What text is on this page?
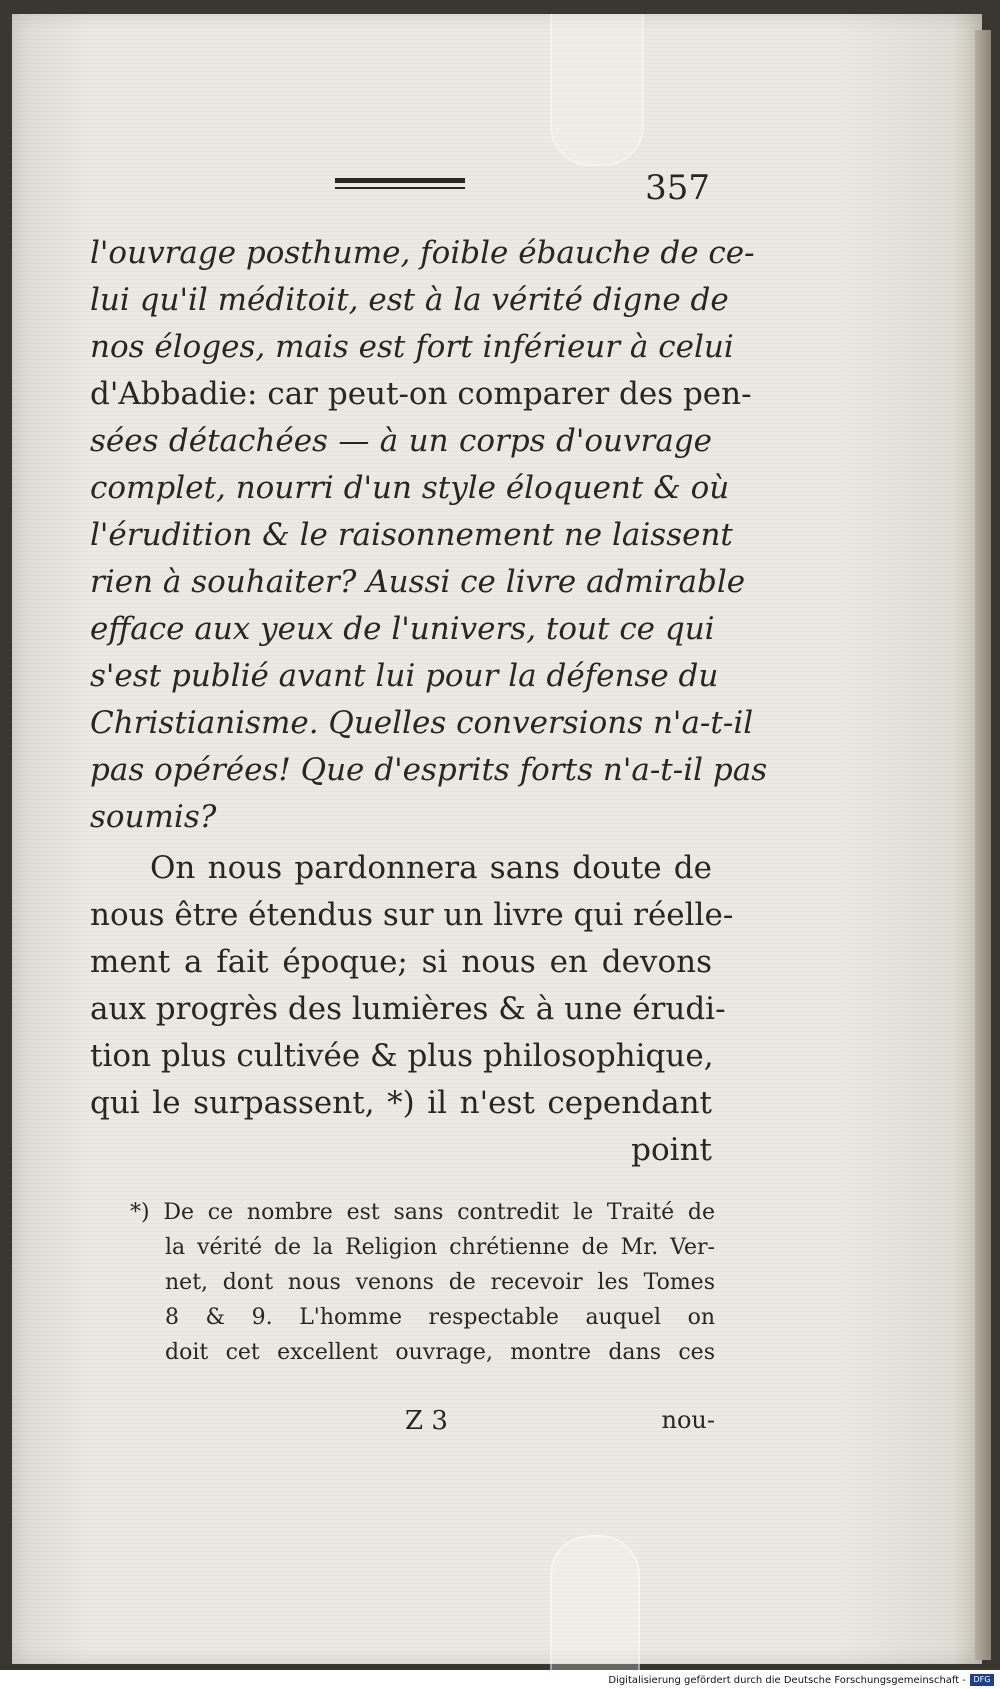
357
l'ouvrage posthume, foible ébauche de ce-
lui qu'il méditoit, est à la vérité digne de
nos éloges, mais est fort inférieur à celui
d'Abbadie: car peut-on comparer des pen-
sées détachées — à un corps d'ouvrage
complet, nourri d'un style éloquent & où
l'érudition & le raisonnement ne laissent
rien à souhaiter? Aussi ce livre admirable
efface aux yeux de l'univers, tout ce qui
s'est publié avant lui pour la défense du
Christianisme. Quelles conversions n'a-t-il
pas opérées! Que d'esprits forts n'a-t-il pas
soumis?
On nous pardonnera sans doute de
nous être étendus sur un livre qui réelle-
ment a fait époque; si nous en devons
aux progrès des lumières & à une érudi-
tion plus cultivée & plus philosophique,
qui le surpassent, *) il n'est cependant
point
*) De ce nombre est sans contredit le Traité de
la vérité de la Religion chrétienne de Mr. Ver-
net, dont nous venons de recevoir les Tomes
8 & 9. L'homme respectable auquel on
doit cet excellent ouvrage, montre dans ces
Z 3	nou-
Digitalisierung gefördert durch die Deutsche Forschungsgemeinschaft - DFG
